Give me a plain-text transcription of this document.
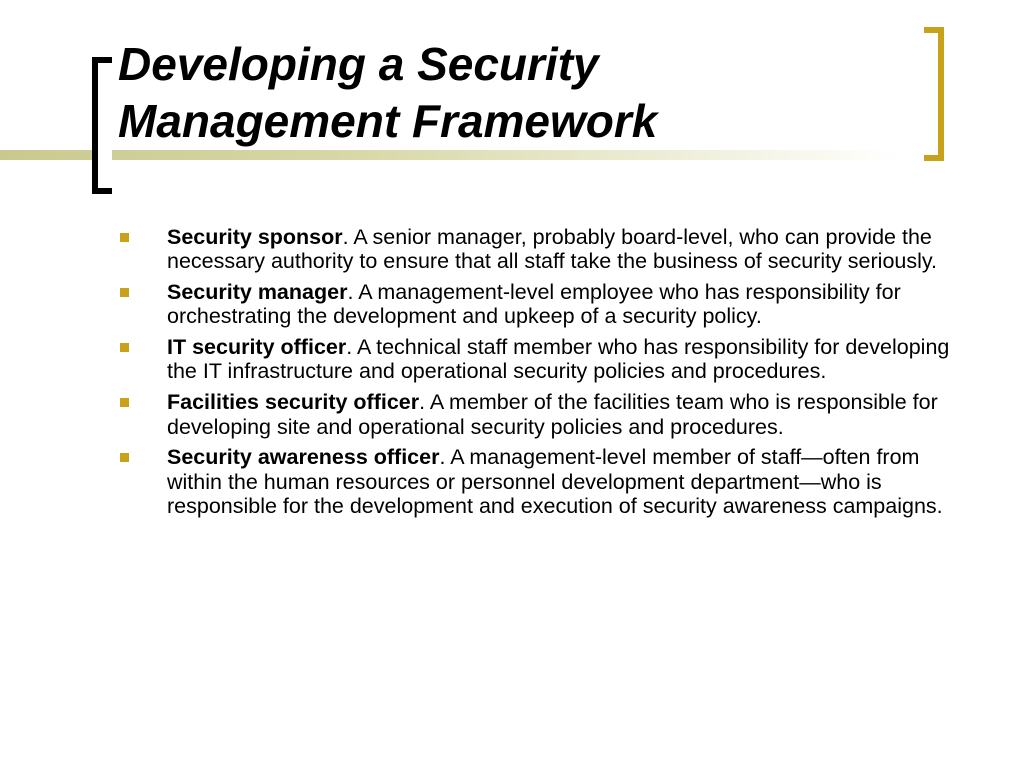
Developing a Security
Management Framework
Security sponsor. A senior manager, probably board-level, who can provide the necessary authority to ensure that all staff take the business of security seriously.
Security manager. A management-level employee who has responsibility for orchestrating the development and upkeep of a security policy.
IT security officer. A technical staff member who has responsibility for developing the IT infrastructure and operational security policies and procedures.
Facilities security officer. A member of the facilities team who is responsible for developing site and operational security policies and procedures.
Security awareness officer. A management-level member of staff—often from within the human resources or personnel development department—who is responsible for the development and execution of security awareness campaigns.
